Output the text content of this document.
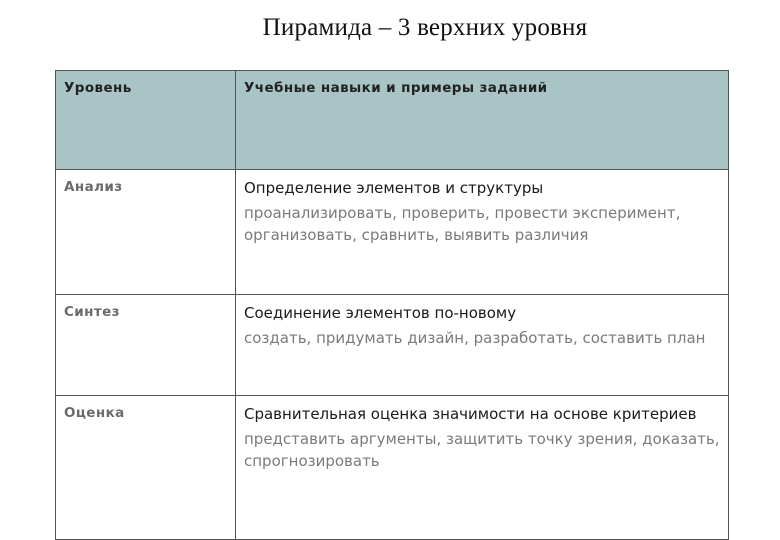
Пирамида – 3 верхних уровня
Уровень	Учебные навыки и примеры заданий

Анализ	Определение элементов и структуры
проанализировать, проверить, провести эксперимент, организовать, сравнить, выявить различия

Синтез	Соединение элементов по-новому
создать, придумать дизайн, разработать, составить план

Оценка	Сравнительная оценка значимости на основе критериев
представить аргументы, защитить точку зрения, доказать, спрогнозировать
